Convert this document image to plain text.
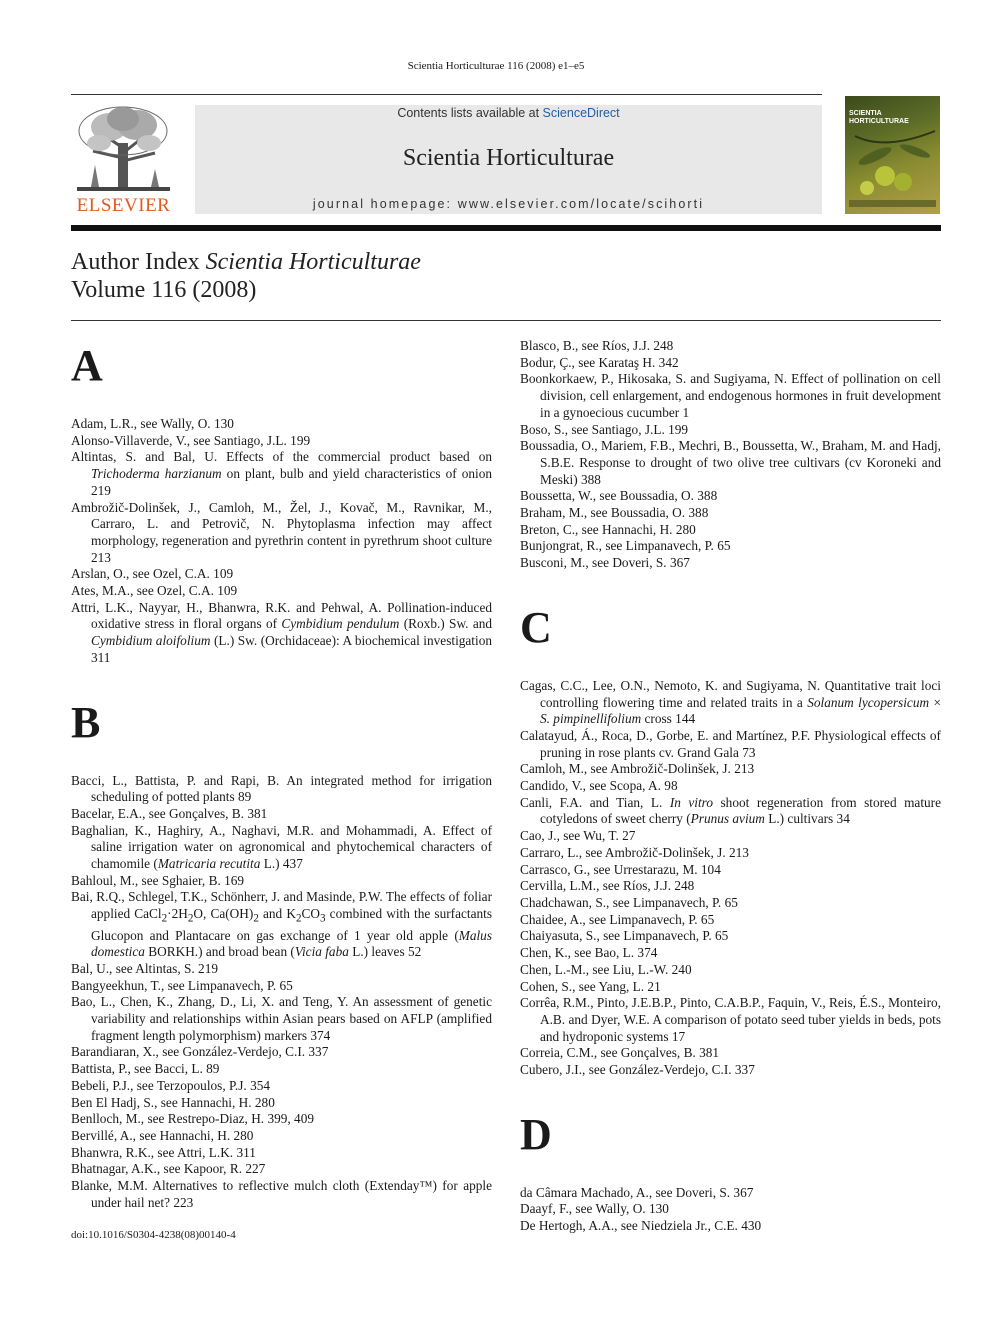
Scientia Horticulturae 116 (2008) e1–e5
ELSEVIER
Contents lists available at ScienceDirect
Scientia Horticulturae
journal homepage: www.elsevier.com/locate/scihorti
SCIENTIA HORTICULTURAE
Author Index Scientia Horticulturae
Volume 116 (2008)
A
Adam, L.R., see Wally, O. 130
Alonso-Villaverde, V., see Santiago, J.L. 199
Altintas, S. and Bal, U. Effects of the commercial product based on Trichoderma harzianum on plant, bulb and yield characteristics of onion 219
Ambrožič-Dolinšek, J., Camloh, M., Žel, J., Kovač, M., Ravnikar, M., Carraro, L. and Petrovič, N. Phytoplasma infection may affect morphology, regeneration and pyrethrin content in pyrethrum shoot culture 213
Arslan, O., see Ozel, C.A. 109
Ates, M.A., see Ozel, C.A. 109
Attri, L.K., Nayyar, H., Bhanwra, R.K. and Pehwal, A. Pollination-induced oxidative stress in floral organs of Cymbidium pendulum (Roxb.) Sw. and Cymbidium aloifolium (L.) Sw. (Orchidaceae): A biochemical investigation 311
B
Bacci, L., Battista, P. and Rapi, B. An integrated method for irrigation scheduling of potted plants 89
Bacelar, E.A., see Gonçalves, B. 381
Baghalian, K., Haghiry, A., Naghavi, M.R. and Mohammadi, A. Effect of saline irrigation water on agronomical and phytochemical characters of chamomile (Matricaria recutita L.) 437
Bahloul, M., see Sghaier, B. 169
Bai, R.Q., Schlegel, T.K., Schönherr, J. and Masinde, P.W. The effects of foliar applied $CaCl_2\cdot 2H_2O$, $Ca(OH)_2$ and $K_2CO_3$ combined with the surfactants Glucopon and Plantacare on gas exchange of 1 year old apple (Malus domestica BORKH.) and broad bean (Vicia faba L.) leaves 52
Bal, U., see Altintas, S. 219
Bangyeekhun, T., see Limpanavech, P. 65
Bao, L., Chen, K., Zhang, D., Li, X. and Teng, Y. An assessment of genetic variability and relationships within Asian pears based on AFLP (amplified fragment length polymorphism) markers 374
Barandiaran, X., see González-Verdejo, C.I. 337
Battista, P., see Bacci, L. 89
Bebeli, P.J., see Terzopoulos, P.J. 354
Ben El Hadj, S., see Hannachi, H. 280
Benlloch, M., see Restrepo-Diaz, H. 399, 409
Bervillé, A., see Hannachi, H. 280
Bhanwra, R.K., see Attri, L.K. 311
Bhatnagar, A.K., see Kapoor, R. 227
Blanke, M.M. Alternatives to reflective mulch cloth (Extenday™) for apple under hail net? 223
Blasco, B., see Ríos, J.J. 248
Bodur, Ç., see Karataş H. 342
Boonkorkaew, P., Hikosaka, S. and Sugiyama, N. Effect of pollination on cell division, cell enlargement, and endogenous hormones in fruit development in a gynoecious cucumber 1
Boso, S., see Santiago, J.L. 199
Boussadia, O., Mariem, F.B., Mechri, B., Boussetta, W., Braham, M. and Hadj, S.B.E. Response to drought of two olive tree cultivars (cv Koroneki and Meski) 388
Boussetta, W., see Boussadia, O. 388
Braham, M., see Boussadia, O. 388
Breton, C., see Hannachi, H. 280
Bunjongrat, R., see Limpanavech, P. 65
Busconi, M., see Doveri, S. 367
C
Cagas, C.C., Lee, O.N., Nemoto, K. and Sugiyama, N. Quantitative trait loci controlling flowering time and related traits in a Solanum lycopersicum × S. pimpinellifolium cross 144
Calatayud, Á., Roca, D., Gorbe, E. and Martínez, P.F. Physiological effects of pruning in rose plants cv. Grand Gala 73
Camloh, M., see Ambrožič-Dolinšek, J. 213
Candido, V., see Scopa, A. 98
Canli, F.A. and Tian, L. In vitro shoot regeneration from stored mature cotyledons of sweet cherry (Prunus avium L.) cultivars 34
Cao, J., see Wu, T. 27
Carraro, L., see Ambrožič-Dolinšek, J. 213
Carrasco, G., see Urrestarazu, M. 104
Cervilla, L.M., see Ríos, J.J. 248
Chadchawan, S., see Limpanavech, P. 65
Chaidee, A., see Limpanavech, P. 65
Chaiyasuta, S., see Limpanavech, P. 65
Chen, K., see Bao, L. 374
Chen, L.-M., see Liu, L.-W. 240
Cohen, S., see Yang, L. 21
Corrêa, R.M., Pinto, J.E.B.P., Pinto, C.A.B.P., Faquin, V., Reis, É.S., Monteiro, A.B. and Dyer, W.E. A comparison of potato seed tuber yields in beds, pots and hydroponic systems 17
Correia, C.M., see Gonçalves, B. 381
Cubero, J.I., see González-Verdejo, C.I. 337
D
da Câmara Machado, A., see Doveri, S. 367
Daayf, F., see Wally, O. 130
De Hertogh, A.A., see Niedziela Jr., C.E. 430
doi:10.1016/S0304-4238(08)00140-4
